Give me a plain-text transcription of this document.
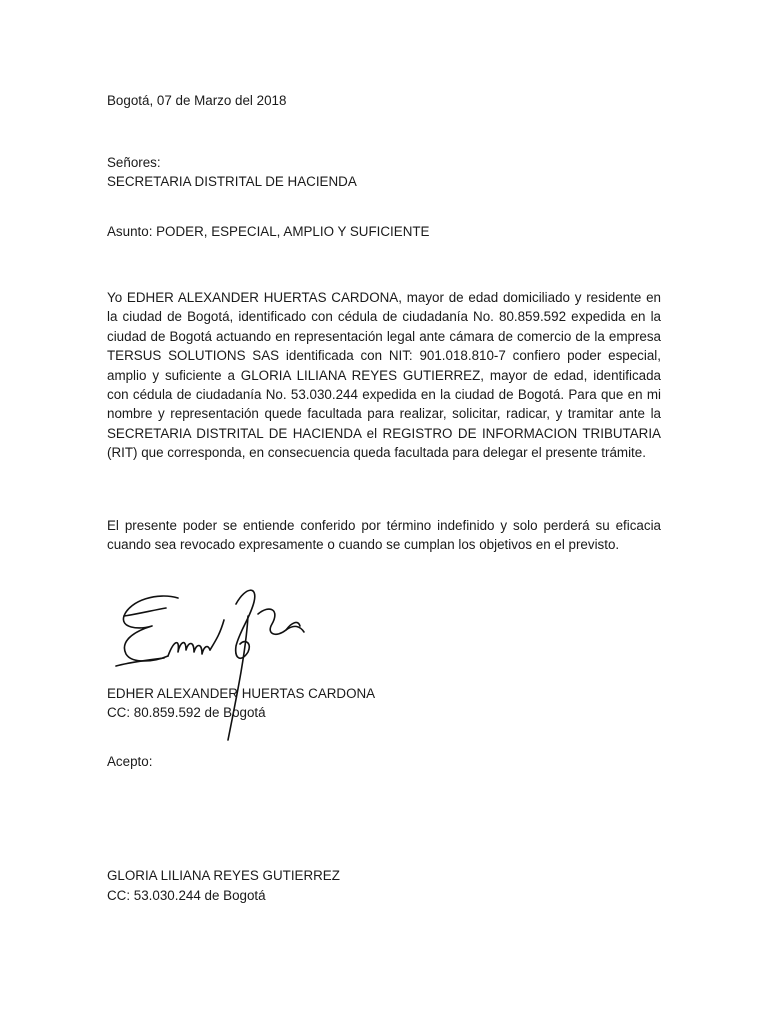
Bogotá, 07 de Marzo del 2018
Señores:
SECRETARIA DISTRITAL DE HACIENDA
Asunto: PODER, ESPECIAL, AMPLIO Y SUFICIENTE
Yo EDHER ALEXANDER HUERTAS CARDONA, mayor de edad domiciliado y residente en la ciudad de Bogotá, identificado con cédula de ciudadanía No. 80.859.592 expedida en la ciudad de Bogotá actuando en representación legal ante cámara de comercio de la empresa TERSUS SOLUTIONS SAS identificada con NIT: 901.018.810-7 confiero poder especial, amplio y suficiente a GLORIA LILIANA REYES GUTIERREZ, mayor de edad, identificada con cédula de ciudadanía No. 53.030.244 expedida en la ciudad de Bogotá. Para que en mi nombre y representación quede facultada para realizar, solicitar, radicar, y tramitar ante la SECRETARIA DISTRITAL DE HACIENDA el REGISTRO DE INFORMACION TRIBUTARIA (RIT) que corresponda, en consecuencia queda facultada para delegar el presente trámite.
El presente poder se entiende conferido por término indefinido y solo perderá su eficacia cuando sea revocado expresamente o cuando se cumplan los objetivos en el previsto.
EDHER ALEXANDER HUERTAS CARDONA
CC: 80.859.592 de Bogotá
Acepto:
GLORIA LILIANA REYES GUTIERREZ
CC: 53.030.244 de Bogotá
